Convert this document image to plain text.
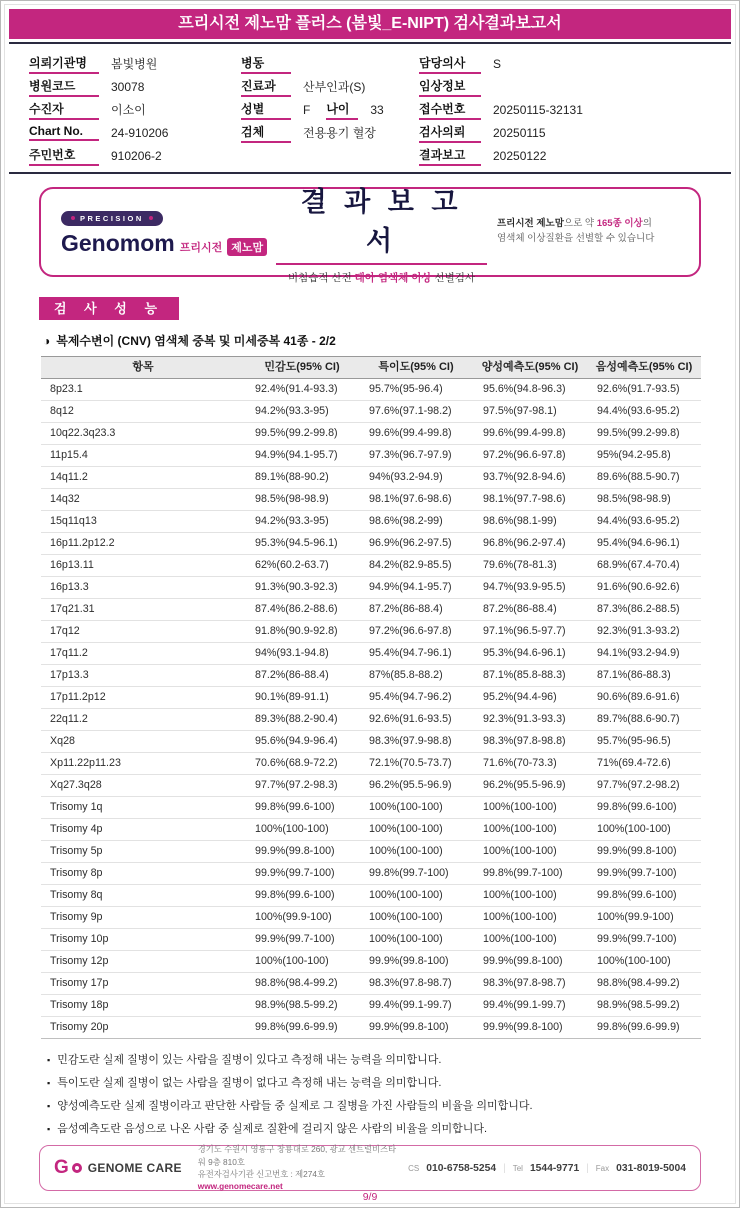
프리시전 제노맘 플러스 (봄빛_E-NIPT) 검사결과보고서
의뢰기관명	봄빛병원
병원코드	30078
수진자	이소이
Chart No.	24-910206
주민번호	910206-2
병동
진료과	산부인과(S)
성별	F 나이	33
검체	전용용기 혈장
담당의사	S
임상정보
접수번호	20250115-32131
검사의뢰	20250115
결과보고	20250122
PRECISION
Genomom 프리시전 제노맘
결 과 보 고 서
비침습적 산전 태아 염색체 이상 선별검사
프리시전 제노맘으로 약 165종 이상의
염색체 이상질환을 선별할 수 있습니다
검 사 성 능
◑ 복제수변이 (CNV) 염색체 중복 및 미세중복 41종 - 2/2
항목	민감도(95% CI)	특이도(95% CI)	양성예측도(95% CI)	음성예측도(95% CI)
8p23.1	92.4%(91.4-93.3)	95.7%(95-96.4)	95.6%(94.8-96.3)	92.6%(91.7-93.5)
8q12	94.2%(93.3-95)	97.6%(97.1-98.2)	97.5%(97-98.1)	94.4%(93.6-95.2)
10q22.3q23.3	99.5%(99.2-99.8)	99.6%(99.4-99.8)	99.6%(99.4-99.8)	99.5%(99.2-99.8)
11p15.4	94.9%(94.1-95.7)	97.3%(96.7-97.9)	97.2%(96.6-97.8)	95%(94.2-95.8)
14q11.2	89.1%(88-90.2)	94%(93.2-94.9)	93.7%(92.8-94.6)	89.6%(88.5-90.7)
14q32	98.5%(98-98.9)	98.1%(97.6-98.6)	98.1%(97.7-98.6)	98.5%(98-98.9)
15q11q13	94.2%(93.3-95)	98.6%(98.2-99)	98.6%(98.1-99)	94.4%(93.6-95.2)
16p11.2p12.2	95.3%(94.5-96.1)	96.9%(96.2-97.5)	96.8%(96.2-97.4)	95.4%(94.6-96.1)
16p13.11	62%(60.2-63.7)	84.2%(82.9-85.5)	79.6%(78-81.3)	68.9%(67.4-70.4)
16p13.3	91.3%(90.3-92.3)	94.9%(94.1-95.7)	94.7%(93.9-95.5)	91.6%(90.6-92.6)
17q21.31	87.4%(86.2-88.6)	87.2%(86-88.4)	87.2%(86-88.4)	87.3%(86.2-88.5)
17q12	91.8%(90.9-92.8)	97.2%(96.6-97.8)	97.1%(96.5-97.7)	92.3%(91.3-93.2)
17q11.2	94%(93.1-94.8)	95.4%(94.7-96.1)	95.3%(94.6-96.1)	94.1%(93.2-94.9)
17p13.3	87.2%(86-88.4)	87%(85.8-88.2)	87.1%(85.8-88.3)	87.1%(86-88.3)
17p11.2p12	90.1%(89-91.1)	95.4%(94.7-96.2)	95.2%(94.4-96)	90.6%(89.6-91.6)
22q11.2	89.3%(88.2-90.4)	92.6%(91.6-93.5)	92.3%(91.3-93.3)	89.7%(88.6-90.7)
Xq28	95.6%(94.9-96.4)	98.3%(97.9-98.8)	98.3%(97.8-98.8)	95.7%(95-96.5)
Xp11.22p11.23	70.6%(68.9-72.2)	72.1%(70.5-73.7)	71.6%(70-73.3)	71%(69.4-72.6)
Xq27.3q28	97.7%(97.2-98.3)	96.2%(95.5-96.9)	96.2%(95.5-96.9)	97.7%(97.2-98.2)
Trisomy 1q	99.8%(99.6-100)	100%(100-100)	100%(100-100)	99.8%(99.6-100)
Trisomy 4p	100%(100-100)	100%(100-100)	100%(100-100)	100%(100-100)
Trisomy 5p	99.9%(99.8-100)	100%(100-100)	100%(100-100)	99.9%(99.8-100)
Trisomy 8p	99.9%(99.7-100)	99.8%(99.7-100)	99.8%(99.7-100)	99.9%(99.7-100)
Trisomy 8q	99.8%(99.6-100)	100%(100-100)	100%(100-100)	99.8%(99.6-100)
Trisomy 9p	100%(99.9-100)	100%(100-100)	100%(100-100)	100%(99.9-100)
Trisomy 10p	99.9%(99.7-100)	100%(100-100)	100%(100-100)	99.9%(99.7-100)
Trisomy 12p	100%(100-100)	99.9%(99.8-100)	99.9%(99.8-100)	100%(100-100)
Trisomy 17p	98.8%(98.4-99.2)	98.3%(97.8-98.7)	98.3%(97.8-98.7)	98.8%(98.4-99.2)
Trisomy 18p	98.9%(98.5-99.2)	99.4%(99.1-99.7)	99.4%(99.1-99.7)	98.9%(98.5-99.2)
Trisomy 20p	99.8%(99.6-99.9)	99.9%(99.8-100)	99.9%(99.8-100)	99.8%(99.6-99.9)
▪ 민감도란 실제 질병이 있는 사람을 질병이 있다고 측정해 내는 능력을 의미합니다.
▪ 특이도란 실제 질병이 없는 사람을 질병이 없다고 측정해 내는 능력을 의미합니다.
▪ 양성예측도란 실제 질병이라고 판단한 사람들 중 실제로 그 질병을 가진 사람들의 비율을 의미합니다.
▪ 음성예측도란 음성으로 나온 사람 중 실제로 질환에 걸리지 않은 사람의 비율을 의미합니다.
G GENOME CARE
경기도 수원시 영통구 창룡대로 260, 광교 센트럴비즈타워 9층 810호
유전자검사기관 신고번호 : 제274호
www.genomecare.net
CS 010-6758-5254 | Tel 1544-9771 | Fax 031-8019-5004
9/9
